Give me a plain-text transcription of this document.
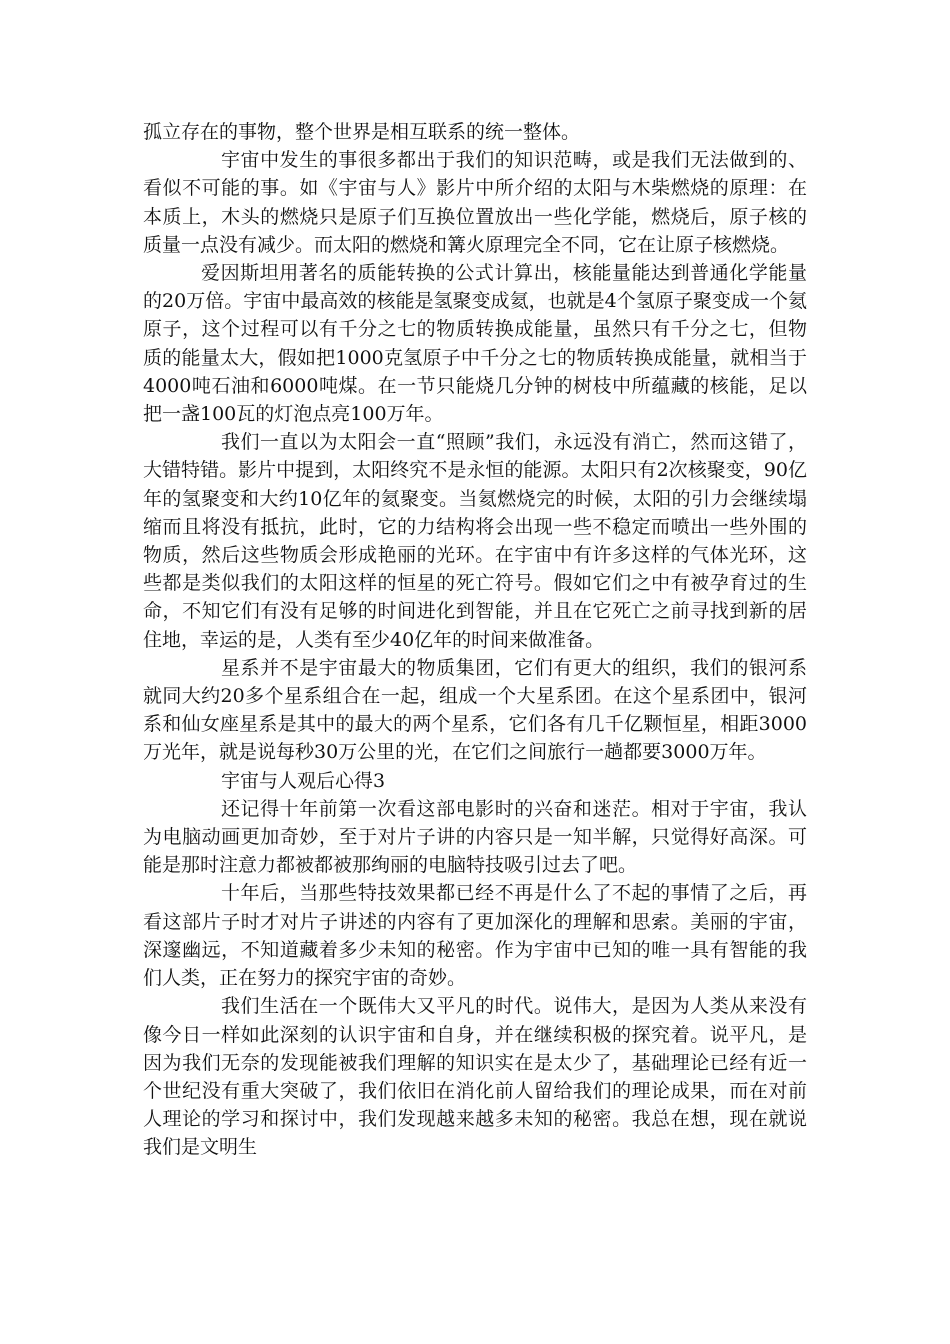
孤立存在的事物，整个世界是相互联系的统一整体。

宇宙中发生的事很多都出于我们的知识范畴，或是我们无法做到的、看似不可能的事。如《宇宙与人》影片中所介绍的太阳与木柴燃烧的原理：在本质上，木头的燃烧只是原子们互换位置放出一些化学能，燃烧后，原子核的质量一点没有减少。而太阳的燃烧和篝火原理完全不同，它在让原子核燃烧。

爱因斯坦用著名的质能转换的公式计算出，核能量能达到普通化学能量的20万倍。宇宙中最高效的核能是氢聚变成氦，也就是4个氢原子聚变成一个氦原子，这个过程可以有千分之七的物质转换成能量，虽然只有千分之七，但物质的能量太大，假如把1000克氢原子中千分之七的物质转换成能量，就相当于4000吨石油和6000吨煤。在一节只能烧几分钟的树枝中所蕴藏的核能，足以把一盏100瓦的灯泡点亮100万年。

我们一直以为太阳会一直“照顾”我们，永远没有消亡，然而这错了，大错特错。影片中提到，太阳终究不是永恒的能源。太阳只有2次核聚变，90亿年的氢聚变和大约10亿年的氦聚变。当氦燃烧完的时候，太阳的引力会继续塌缩而且将没有抵抗，此时，它的力结构将会出现一些不稳定而喷出一些外围的物质，然后这些物质会形成艳丽的光环。在宇宙中有许多这样的气体光环，这些都是类似我们的太阳这样的恒星的死亡符号。假如它们之中有被孕育过的生命，不知它们有没有足够的时间进化到智能，并且在它死亡之前寻找到新的居住地，幸运的是，人类有至少40亿年的时间来做准备。

星系并不是宇宙最大的物质集团，它们有更大的组织，我们的银河系就同大约20多个星系组合在一起，组成一个大星系团。在这个星系团中，银河系和仙女座星系是其中的最大的两个星系，它们各有几千亿颗恒星，相距3000万光年，就是说每秒30万公里的光，在它们之间旅行一趟都要3000万年。

宇宙与人观后心得3

还记得十年前第一次看这部电影时的兴奋和迷茫。相对于宇宙，我认为电脑动画更加奇妙，至于对片子讲的内容只是一知半解，只觉得好高深。可能是那时注意力都被都被那绚丽的电脑特技吸引过去了吧。

十年后，当那些特技效果都已经不再是什么了不起的事情了之后，再看这部片子时才对片子讲述的内容有了更加深化的理解和思索。美丽的宇宙，深邃幽远，不知道藏着多少未知的秘密。作为宇宙中已知的唯一具有智能的我们人类，正在努力的探究宇宙的奇妙。

我们生活在一个既伟大又平凡的时代。说伟大，是因为人类从来没有像今日一样如此深刻的认识宇宙和自身，并在继续积极的探究着。说平凡，是因为我们无奈的发现能被我们理解的知识实在是太少了，基础理论已经有近一个世纪没有重大突破了，我们依旧在消化前人留给我们的理论成果，而在对前人理论的学习和探讨中，我们发现越来越多未知的秘密。我总在想，现在就说我们是文明生
